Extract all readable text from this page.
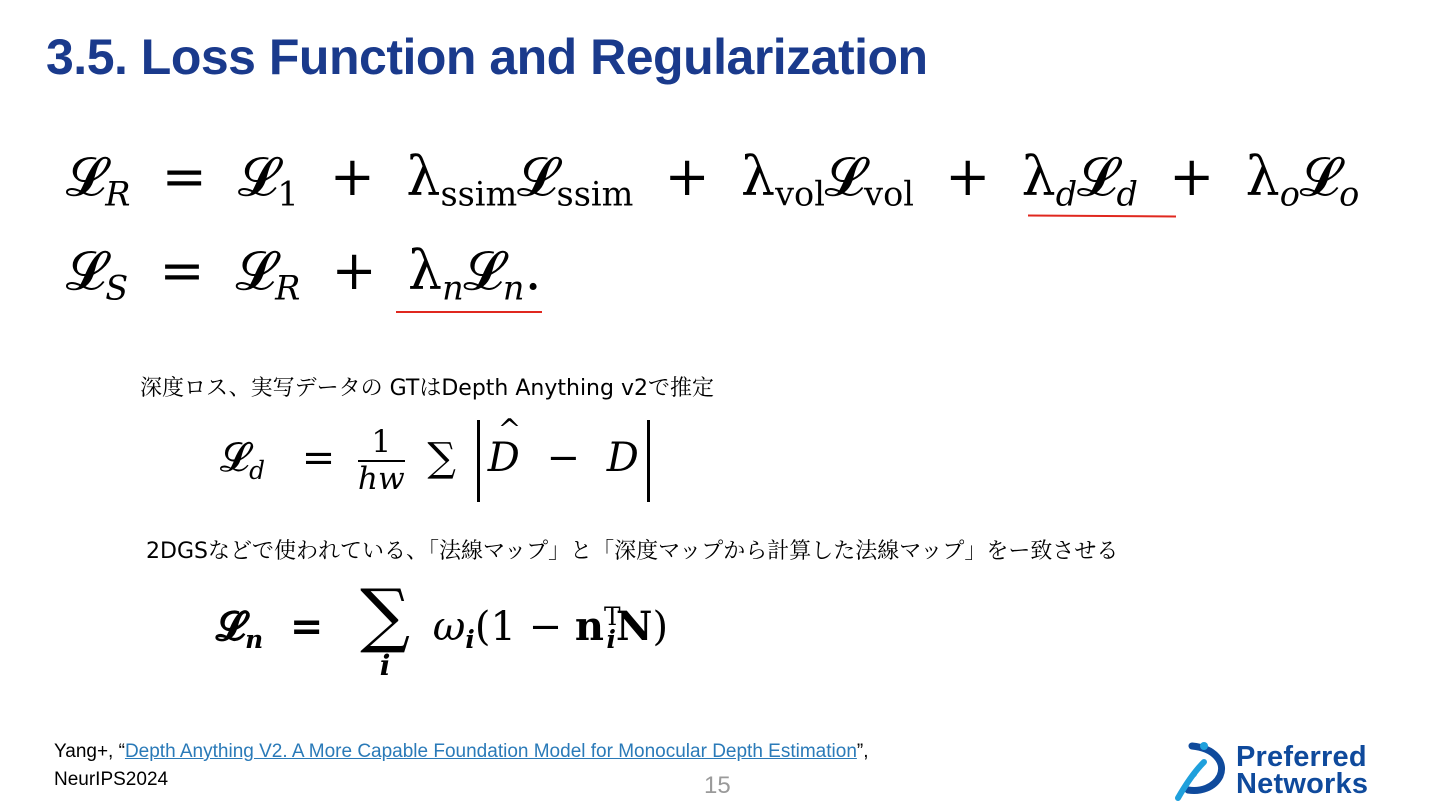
3.5. Loss Function and Regularization
𝓛$_R$ = 𝓛$_1$ + $\lambda_{ssim}𝓛_{ssim}$ + $\lambda_{vol}𝓛_{vol}$ + $\lambda_d𝓛_d$ + $\lambda_o𝓛_o$
𝓛$_S$ = 𝓛$_R$ + $\lambda_n𝓛_n$.
深度ロス、実写データの GTはDepth Anything v2で推定
𝓛$_d$ = $\frac{1}{hw}$ ∑ ^ D − D
2DGSなどで使われている、「法線マップ」と「深度マップから計算した法線マップ」をー致させる
𝓛$_n$ = ∑
i
$\omega_i(1 - n^T_iN)$
Yang+, “Depth Anything V2. A More Capable Foundation Model for Monocular Depth Estimation”,
NeurIPS2024	15
Preferred
Networks
